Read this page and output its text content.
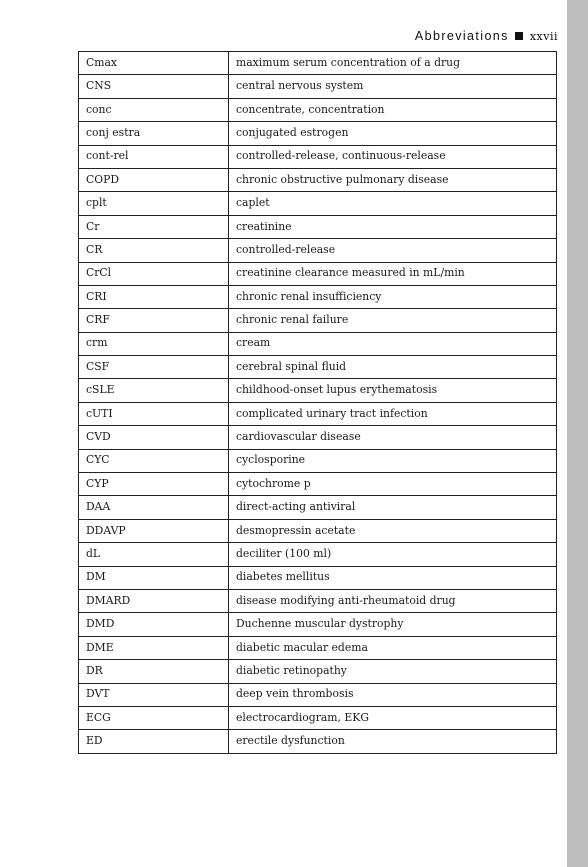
Abbreviations xxvii
Cmax	maximum serum concentration of a drug
CNS	central nervous system
conc	concentrate, concentration
conj estra	conjugated estrogen
cont-rel	controlled-release, continuous-release
COPD	chronic obstructive pulmonary disease
cplt	caplet
Cr	creatinine
CR	controlled-release
CrCl	creatinine clearance measured in mL/min
CRI	chronic renal insufficiency
CRF	chronic renal failure
crm	cream
CSF	cerebral spinal fluid
cSLE	childhood-onset lupus erythematosis
cUTI	complicated urinary tract infection
CVD	cardiovascular disease
CYC	cyclosporine
CYP	cytochrome p
DAA	direct-acting antiviral
DDAVP	desmopressin acetate
dL	deciliter (100 ml)
DM	diabetes mellitus
DMARD	disease modifying anti-rheumatoid drug
DMD	Duchenne muscular dystrophy
DME	diabetic macular edema
DR	diabetic retinopathy
DVT	deep vein thrombosis
ECG	electrocardiogram, EKG
ED	erectile dysfunction
